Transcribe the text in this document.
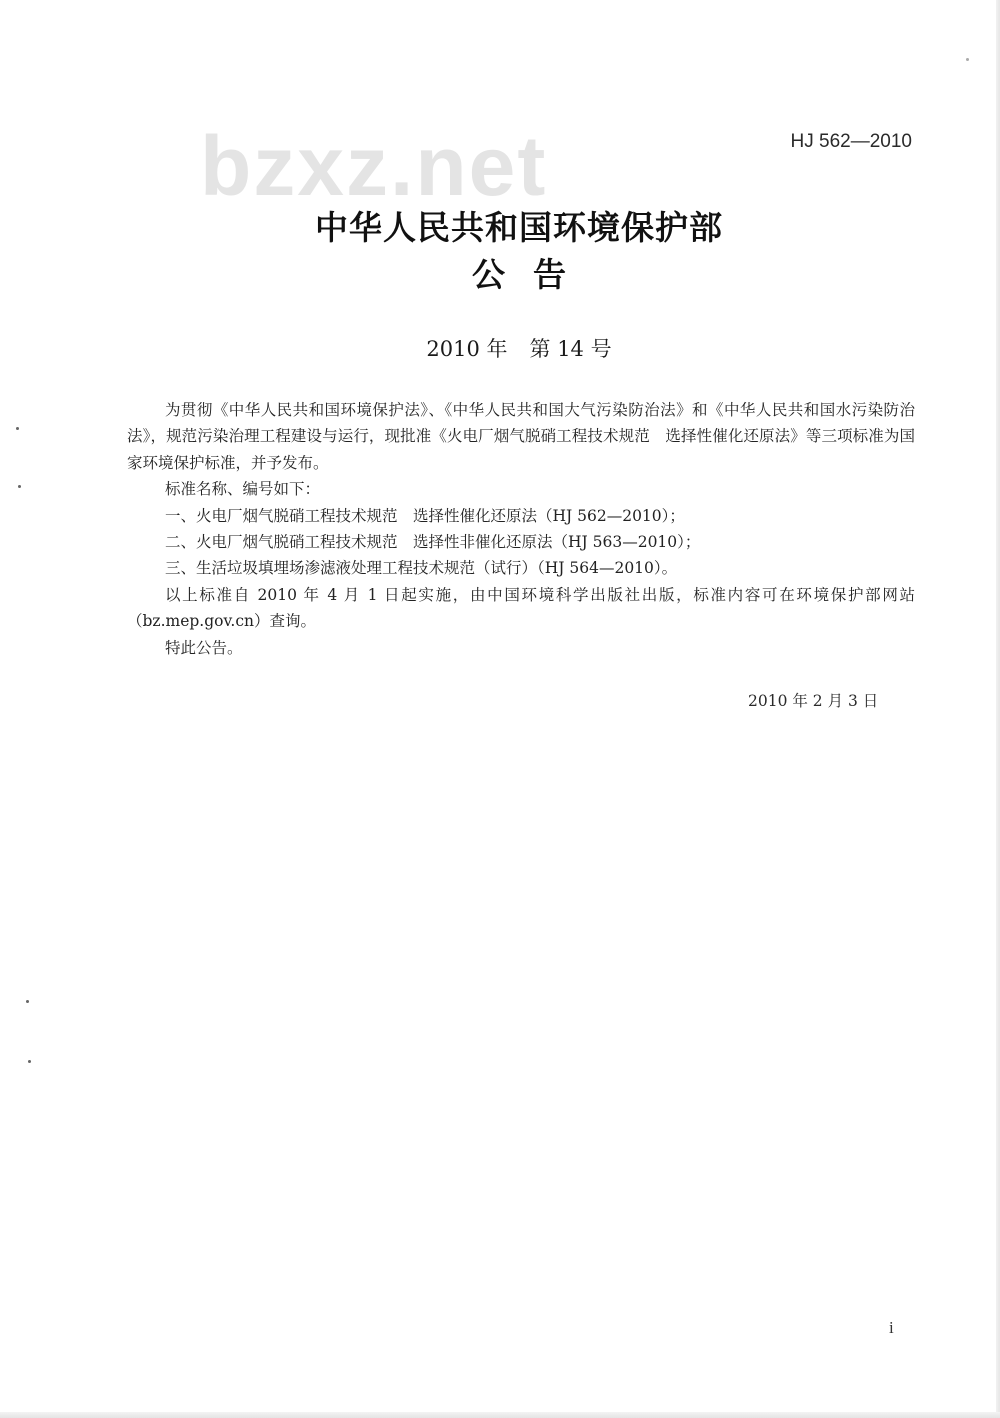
bzxz.net	HJ 562—2010
中华人民共和国环境保护部
公告
2010 年 第 14 号

为贯彻《中华人民共和国环境保护法》、《中华人民共和国大气污染防治法》和《中华人民共和国水污染防治法》，规范污染治理工程建设与运行，现批准《火电厂烟气脱硝工程技术规范　选择性催化还原法》等三项标准为国家环境保护标准，并予发布。

标准名称、编号如下：

一、火电厂烟气脱硝工程技术规范　选择性催化还原法（HJ 562—2010）；

二、火电厂烟气脱硝工程技术规范　选择性非催化还原法（HJ 563—2010）；

三、生活垃圾填埋场渗滤液处理工程技术规范（试行）（HJ 564—2010）。

以上标准自 2010 年 4 月 1 日起实施，由中国环境科学出版社出版，标准内容可在环境保护部网站（bz.mep.gov.cn）查询。

特此公告。

2010 年 2 月 3 日
i
